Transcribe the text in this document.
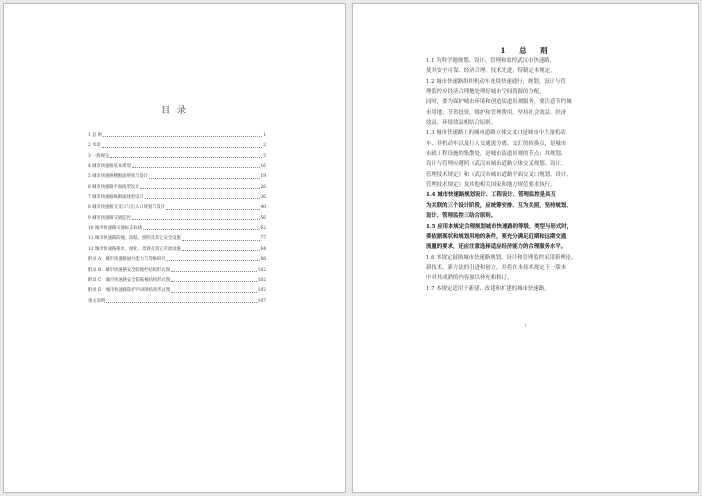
目 录
1 总 则	1
2 术语	2
3 一般规定	5
4 城市快速路基本规划	16
5 城市快速路横断面规划与设计	19
6 城市快速路平面线型设计	26
7 城市快速路纵断面线型设计	36
8 城市快速路交叉口与出入口规划与设计	40
9 城市快速路交通监控	56
10 城市快速路交通标志标线	62
11 城市快速路防撞、防眩、照明及其它安全设施	77
12 城市快速路排水、绿化、景观及其它市政设施	84
附录 A　城市快速路通行能力与等级研究	88
附录 B　城市快速路安全防撞栏结构形式图	102
附录 C　城市快速路安全防眩板结构形式图	102
附录 D　城市快速路防护声屏障结构形式图	102
条文说明	107
1　总　则
1.1 为科学地规划、设计、管理和监控武汉市快速路，
使其安全可靠、经济合理、技术先进，特制定本规定。
1.2 城市快速路组织机动车连续快速通行，规划、设计与管
理监控应经济合理地处理好城市空间资源的分配，
同时，要为保护城市环境和创造街道景观服务，要注意节约城
市用地；节省投资，维护和管理费用，坚持社会效益、经济
效益、环境效益相结合原则。
1.3 城市快速路上的城市道路立体交叉口是城市中大量机动
车、非机动车以及行人交通流分离、交汇的转换点，是城市
市政工程设施的集散处，是城市街道景观的节点；其规划、
设计与管理应遵照《武汉市城市道路立体交叉规划、设计、
管理技术规定》和《武汉市城市道路平面交叉口规划、设计、
管理技术规定》及其他相关国家和地方规范要求执行。
1.4 城市快速路规划设计、工程设计、管理监控是具互
为关联的三个设计阶段，应统筹安排、互为关照，坚持规划、
设计、管理监控三结合原则。
1.5 应用本规定合理规划城市快速路的等级、类型与形式时，
要依据现状和规划用地的条件，要充分满足近期和远期交通
流量的要求，还应注意选择适应经济能力的合理服务水平。
1.6 本规定鼓励城市快速路规划、设计和管理监控采用新理论、
新技术、新方法的引进和创立，并将在本技术规定下一版本
中对其成熟的内容加以补充和修订。
1.7 本规定适用于新建、改建和扩建的城市快速路。
1
